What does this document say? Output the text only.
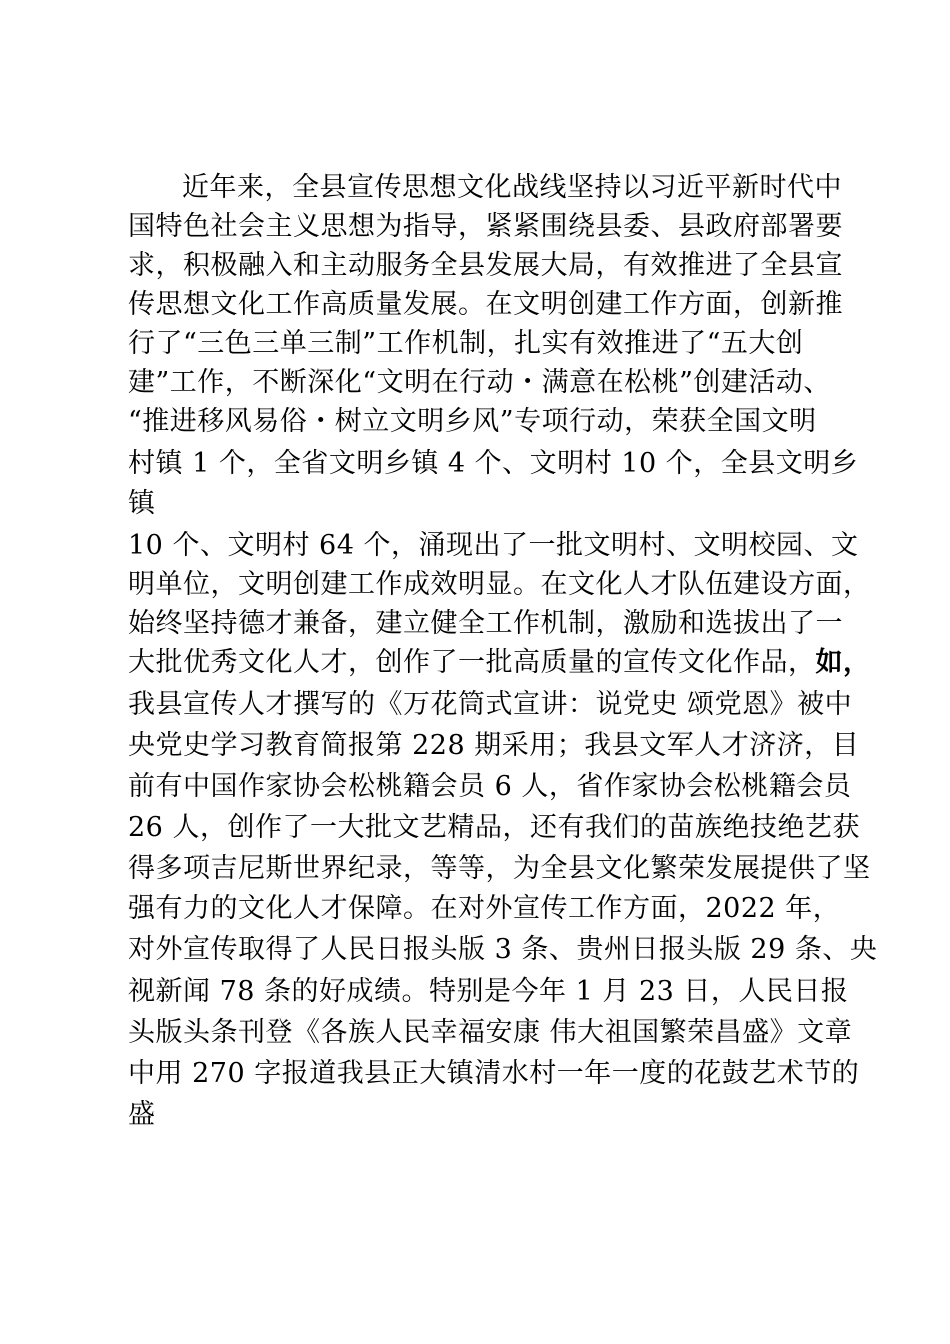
近年来，全县宣传思想文化战线坚持以习近平新时代中
国特色社会主义思想为指导，紧紧围绕县委、县政府部署要
求，积极融入和主动服务全县发展大局，有效推进了全县宣
传思想文化工作高质量发展。在文明创建工作方面，创新推
行了“三色三单三制”工作机制，扎实有效推进了“五大创
建”工作，不断深化“文明在行动・满意在松桃”创建活动、
“推进移风易俗・树立文明乡风”专项行动，荣获全国文明
村镇 1 个，全省文明乡镇 4 个、文明村 10 个，全县文明乡
镇
10 个、文明村 64 个，涌现出了一批文明村、文明校园、文
明单位，文明创建工作成效明显。在文化人才队伍建设方面，
始终坚持德才兼备，建立健全工作机制，激励和选拔出了一
大批优秀文化人才，创作了一批高质量的宣传文化作品，如，
我县宣传人才撰写的《万花筒式宣讲：说党史 颂党恩》被中
央党史学习教育简报第 228 期采用；我县文军人才济济，目
前有中国作家协会松桃籍会员 6 人，省作家协会松桃籍会员
26 人，创作了一大批文艺精品，还有我们的苗族绝技绝艺获
得多项吉尼斯世界纪录，等等，为全县文化繁荣发展提供了坚
强有力的文化人才保障。在对外宣传工作方面，2022 年，
对外宣传取得了人民日报头版 3 条、贵州日报头版 29 条、央
视新闻 78 条的好成绩。特别是今年 1 月 23 日，人民日报
头版头条刊登《各族人民幸福安康 伟大祖国繁荣昌盛》文章
中用 270 字报道我县正大镇清水村一年一度的花鼓艺术节的
盛
